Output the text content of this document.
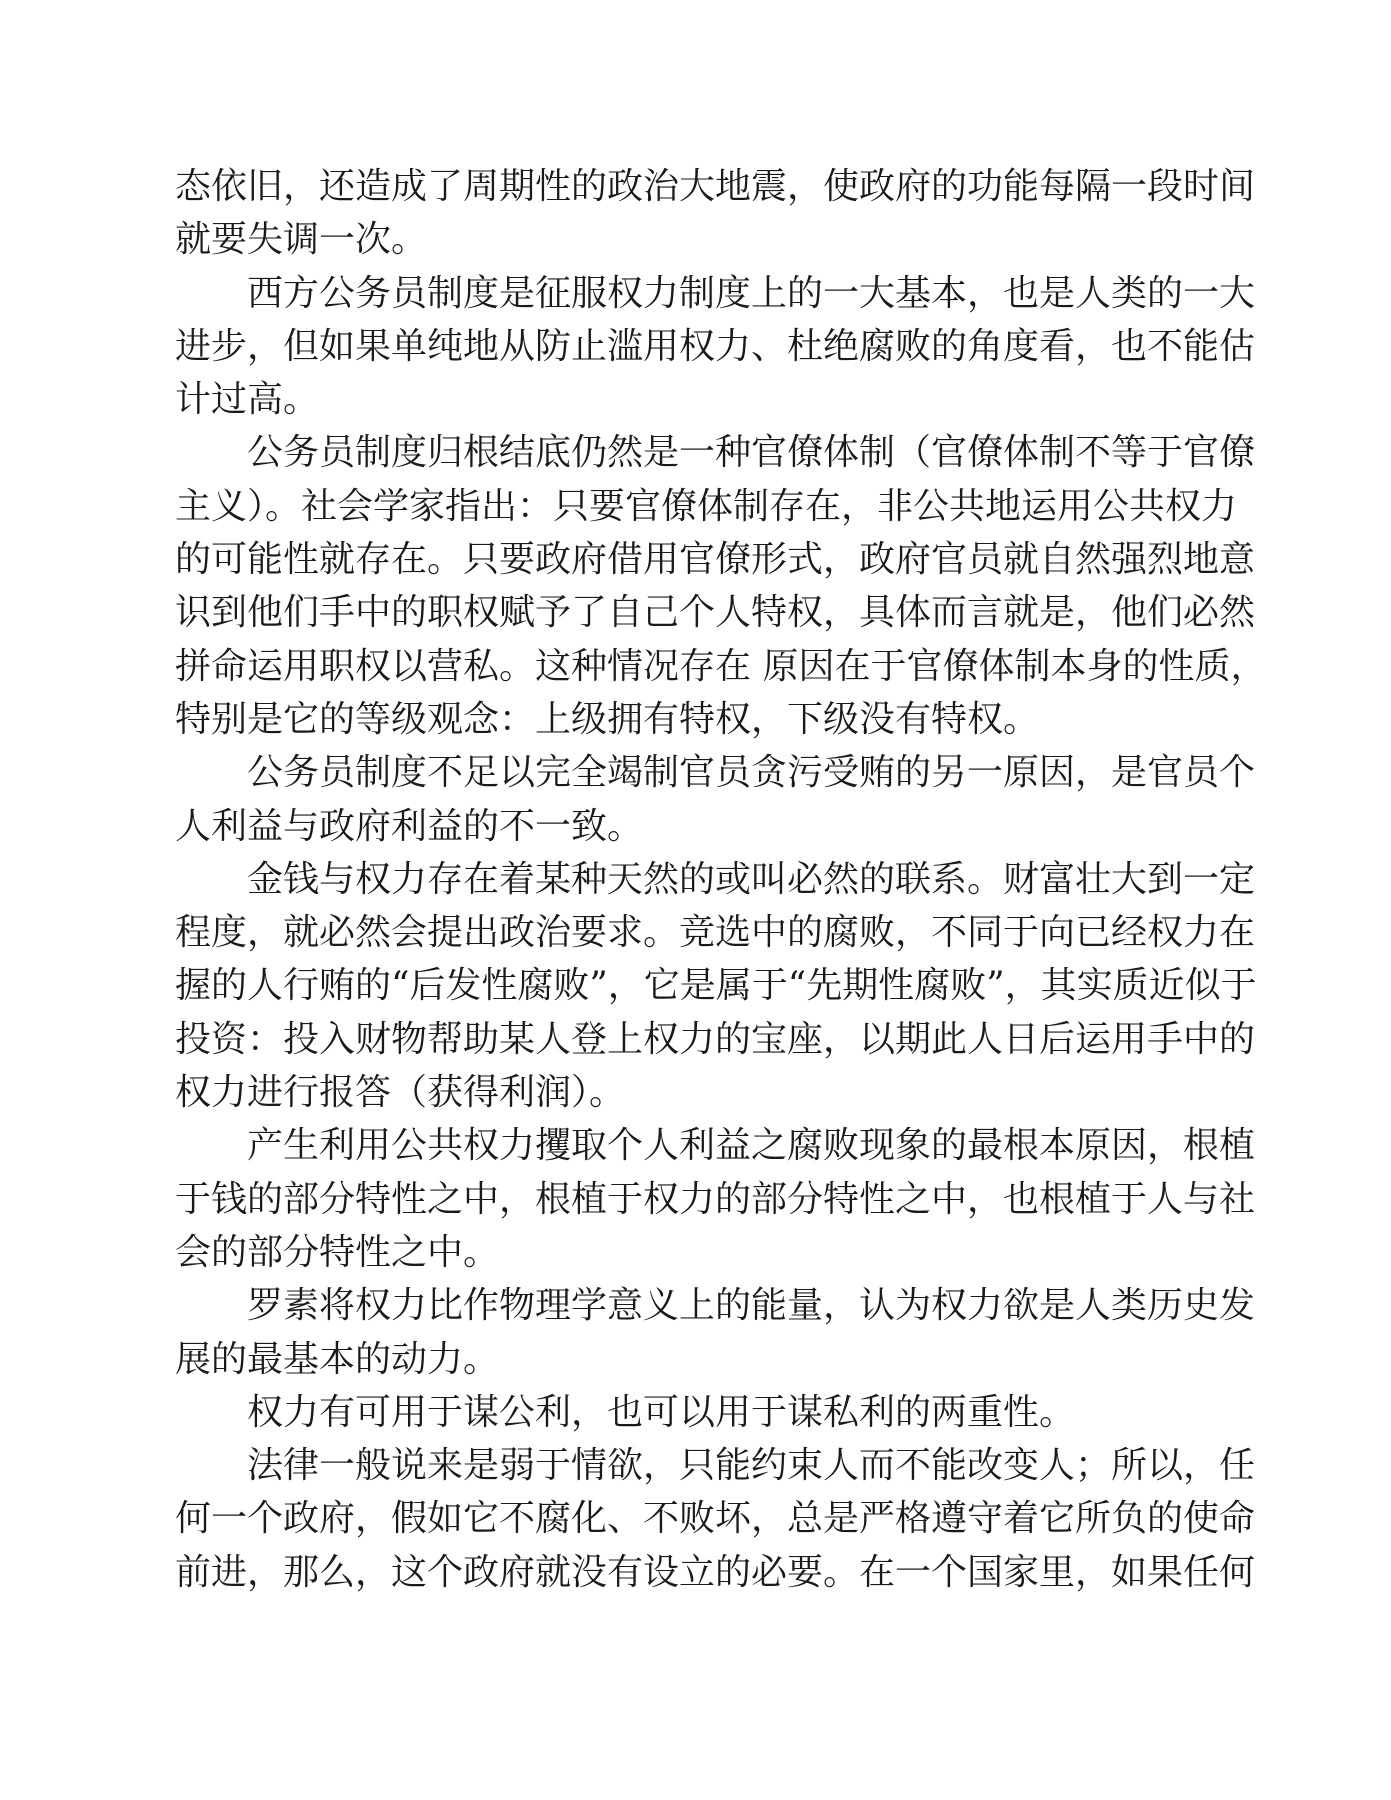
态依旧，还造成了周期性的政治大地震，使政府的功能每隔一段时间
就要失调一次。
西方公务员制度是征服权力制度上的一大基本，也是人类的一大
进步，但如果单纯地从防止滥用权力、杜绝腐败的角度看，也不能估
计过高。
公务员制度归根结底仍然是一种官僚体制（官僚体制不等于官僚
主义）。社会学家指出：只要官僚体制存在，非公共地运用公共权力
的可能性就存在。只要政府借用官僚形式，政府官员就自然强烈地意
识到他们手中的职权赋予了自己个人特权，具体而言就是，他们必然
拼命运用职权以营私。这种情况存在 原因在于官僚体制本身的性质，
特别是它的等级观念：上级拥有特权，下级没有特权。
公务员制度不足以完全竭制官员贪污受贿的另一原因，是官员个
人利益与政府利益的不一致。
金钱与权力存在着某种天然的或叫必然的联系。财富壮大到一定
程度，就必然会提出政治要求。竞选中的腐败，不同于向已经权力在
握的人行贿的“后发性腐败”，它是属于“先期性腐败”，其实质近似于
投资：投入财物帮助某人登上权力的宝座，以期此人日后运用手中的
权力进行报答（获得利润）。
产生利用公共权力攫取个人利益之腐败现象的最根本原因，根植
于钱的部分特性之中，根植于权力的部分特性之中，也根植于人与社
会的部分特性之中。
罗素将权力比作物理学意义上的能量，认为权力欲是人类历史发
展的最基本的动力。
权力有可用于谋公利，也可以用于谋私利的两重性。
法律一般说来是弱于情欲，只能约束人而不能改变人；所以，任
何一个政府，假如它不腐化、不败坏，总是严格遵守着它所负的使命
前进，那么，这个政府就没有设立的必要。在一个国家里，如果任何
